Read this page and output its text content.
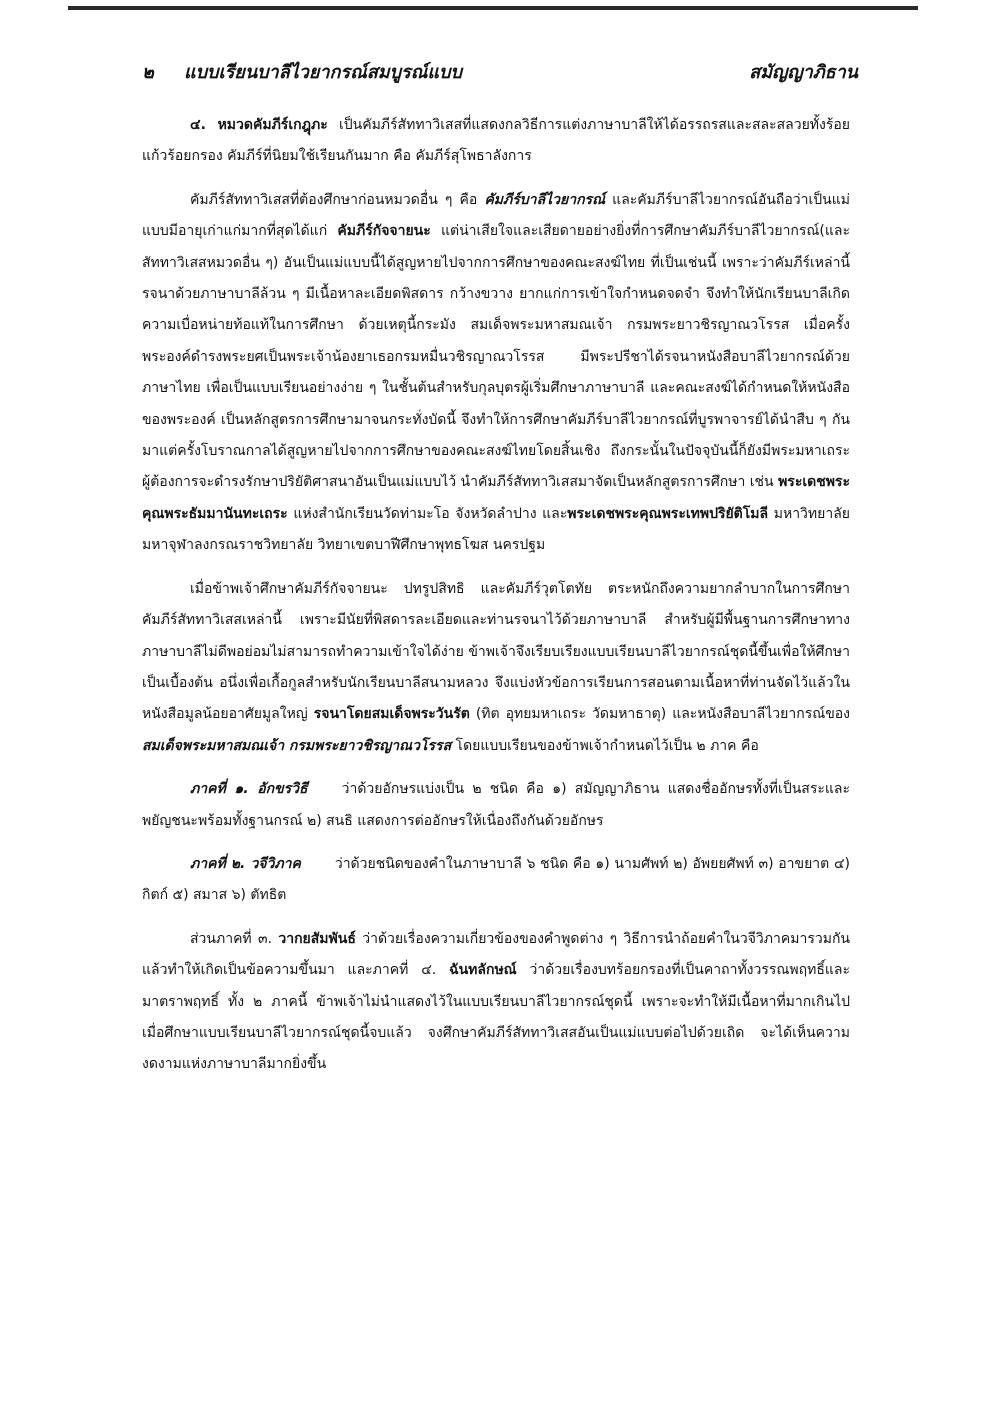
๒ แบบเรียนบาลีไวยากรณ์สมบูรณ์แบบ	สมัญญาภิธาน

๔. หมวดคัมภีร์เกฎุภะ เป็นคัมภีร์สัททาวิเสสที่แสดงกลวิธีการแต่งภาษาบาลีให้ได้อรรถรสและสละสลวยทั้งร้อยแก้วร้อยกรอง คัมภีร์ที่นิยมใช้เรียนกันมาก คือ คัมภีร์สุโพธาลังการ

คัมภีร์สัททาวิเสสที่ต้องศึกษาก่อนหมวดอื่น ๆ คือ คัมภีร์บาลีไวยากรณ์ และคัมภีร์บาลีไวยากรณ์อันถือว่าเป็นแม่แบบมีอายุเก่าแก่มากที่สุดได้แก่ คัมภีร์กัจจายนะ แต่น่าเสียใจและเสียดายอย่างยิ่งที่การศึกษาคัมภีร์บาลีไวยากรณ์(และสัททาวิเสสหมวดอื่น ๆ) อันเป็นแม่แบบนี้ได้สูญหายไปจากการศึกษาของคณะสงฆ์ไทย ที่เป็นเช่นนี้ เพราะว่าคัมภีร์เหล่านี้รจนาด้วยภาษาบาลีล้วน ๆ มีเนื้อหาละเอียดพิสดาร กว้างขวาง ยากแก่การเข้าใจกำหนดจดจำ จึงทำให้นักเรียนบาลีเกิดความเบื่อหน่ายท้อแท้ในการศึกษา ด้วยเหตุนี้กระมัง สมเด็จพระมหาสมณเจ้า กรมพระยาวชิรญาณวโรรส เมื่อครั้งพระองค์ดำรงพระยศเป็นพระเจ้าน้องยาเธอกรมหมื่นวชิรญาณวโรรส มีพระปรีชาได้รจนาหนังสือบาลีไวยากรณ์ด้วยภาษาไทย เพื่อเป็นแบบเรียนอย่างง่าย ๆ ในชั้นต้นสำหรับกุลบุตรผู้เริ่มศึกษาภาษาบาลี และคณะสงฆ์ได้กำหนดให้หนังสือของพระองค์ เป็นหลักสูตรการศึกษามาจนกระทั่งบัดนี้ จึงทำให้การศึกษาคัมภีร์บาลีไวยากรณ์ที่บูรพาจารย์ได้นำสืบ ๆ กันมาแต่ครั้งโบราณกาลได้สูญหายไปจากการศึกษาของคณะสงฆ์ไทยโดยสิ้นเชิง ถึงกระนั้นในปัจจุบันนี้ก็ยังมีพระมหาเถระผู้ต้องการจะดำรงรักษาปริยัติศาสนาอันเป็นแม่แบบไว้ นำคัมภีร์สัททาวิเสสมาจัดเป็นหลักสูตรการศึกษา เช่น พระเดชพระคุณพระธัมมานันทะเถระ แห่งสำนักเรียนวัดท่ามะโอ จังหวัดลำปาง และพระเดชพระคุณพระเทพปริยัติโมลี มหาวิทยาลัยมหาจุฬาลงกรณราชวิทยาลัย วิทยาเขตบาฬีศึกษาพุทธโฆส นครปฐม

เมื่อข้าพเจ้าศึกษาคัมภีร์กัจจายนะ ปทรูปสิทธิ และคัมภีร์วุตโตทัย ตระหนักถึงความยากลำบากในการศึกษาคัมภีร์สัททาวิเสสเหล่านี้ เพราะมีนัยที่พิสดารละเอียดและท่านรจนาไว้ด้วยภาษาบาลี สำหรับผู้มีพื้นฐานการศึกษาทางภาษาบาลีไม่ดีพอย่อมไม่สามารถทำความเข้าใจได้ง่าย ข้าพเจ้าจึงเรียบเรียงแบบเรียนบาลีไวยากรณ์ชุดนี้ขึ้นเพื่อให้ศึกษาเป็นเบื้องต้น อนึ่งเพื่อเกื้อกูลสำหรับนักเรียนบาลีสนามหลวง จึงแบ่งหัวข้อการเรียนการสอนตามเนื้อหาที่ท่านจัดไว้แล้วในหนังสือมูลน้อยอาศัยมูลใหญ่ รจนาโดยสมเด็จพระวันรัต (ทิต อุทยมหาเถระ วัดมหาธาตุ) และหนังสือบาลีไวยากรณ์ของสมเด็จพระมหาสมณเจ้า กรมพระยาวชิรญาณวโรรส โดยแบบเรียนของข้าพเจ้ากำหนดไว้เป็น ๒ ภาค คือ

ภาคที่ ๑. อักขรวิธี ว่าด้วยอักษรแบ่งเป็น ๒ ชนิด คือ ๑) สมัญญาภิธาน แสดงชื่ออักษรทั้งที่เป็นสระและพยัญชนะพร้อมทั้งฐานกรณ์ ๒) สนธิ แสดงการต่ออักษรให้เนื่องถึงกันด้วยอักษร

ภาคที่ ๒. วจีวิภาค ว่าด้วยชนิดของคำในภาษาบาลี ๖ ชนิด คือ ๑) นามศัพท์ ๒) อัพยยศัพท์ ๓) อาขยาต ๔) กิตก์ ๕) สมาส ๖) ตัทธิต

ส่วนภาคที่ ๓. วากยสัมพันธ์ ว่าด้วยเรื่องความเกี่ยวข้องของคำพูดต่าง ๆ วิธีการนำถ้อยคำในวจีวิภาคมารวมกันแล้วทำให้เกิดเป็นข้อความขึ้นมา และภาคที่ ๔. ฉันทลักษณ์ ว่าด้วยเรื่องบทร้อยกรองที่เป็นคาถาทั้งวรรณพฤทธิ์และมาตราพฤทธิ์ ทั้ง ๒ ภาคนี้ ข้าพเจ้าไม่นำแสดงไว้ในแบบเรียนบาลีไวยากรณ์ชุดนี้ เพราะจะทำให้มีเนื้อหาที่มากเกินไป เมื่อศึกษาแบบเรียนบาลีไวยากรณ์ชุดนี้จบแล้ว จงศึกษาคัมภีร์สัททาวิเสสอันเป็นแม่แบบต่อไปด้วยเถิด จะได้เห็นความงดงามแห่งภาษาบาลีมากยิ่งขึ้น
